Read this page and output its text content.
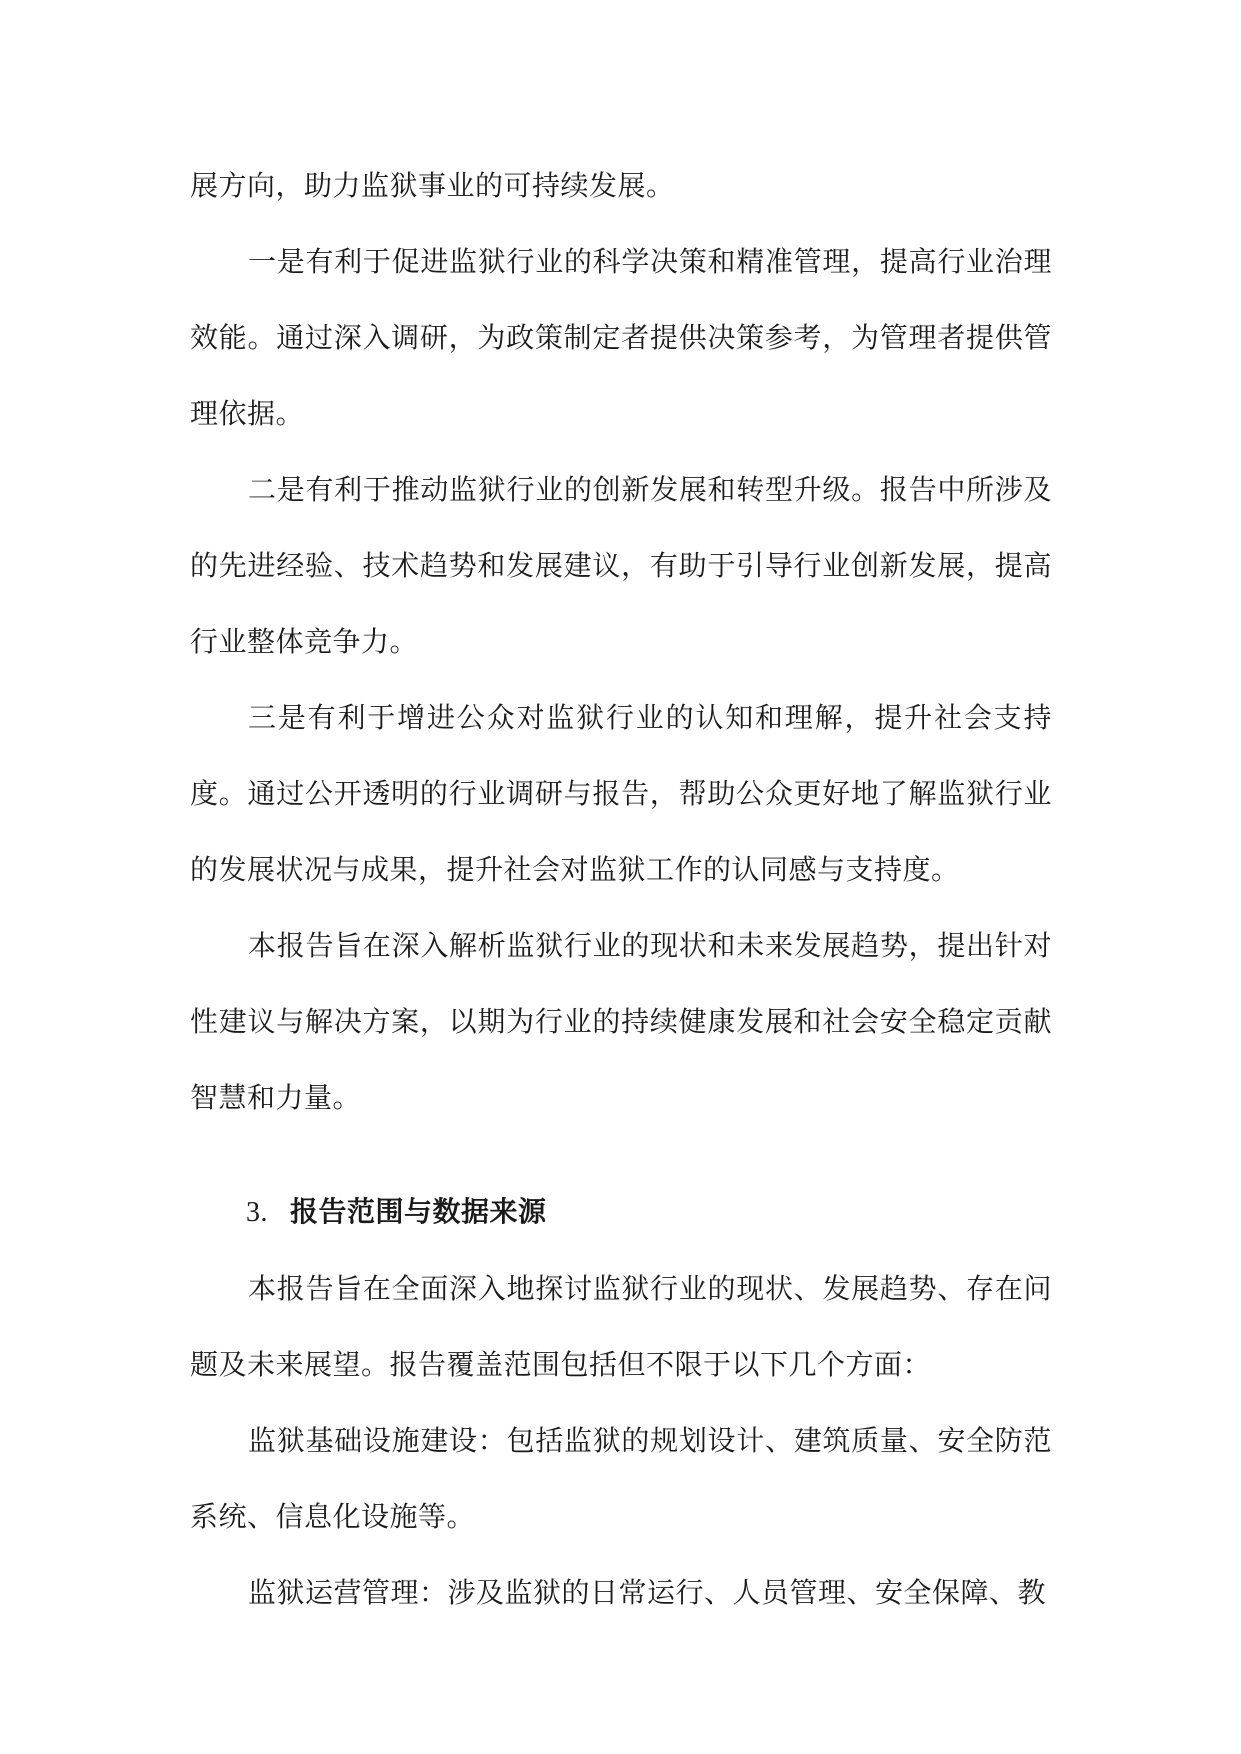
展方向，助力监狱事业的可持续发展。

一是有利于促进监狱行业的科学决策和精准管理，提高行业治理效能。通过深入调研，为政策制定者提供决策参考，为管理者提供管理依据。

二是有利于推动监狱行业的创新发展和转型升级。报告中所涉及的先进经验、技术趋势和发展建议，有助于引导行业创新发展，提高行业整体竞争力。

三是有利于增进公众对监狱行业的认知和理解，提升社会支持度。通过公开透明的行业调研与报告，帮助公众更好地了解监狱行业的发展状况与成果，提升社会对监狱工作的认同感与支持度。

本报告旨在深入解析监狱行业的现状和未来发展趋势，提出针对性建议与解决方案，以期为行业的持续健康发展和社会安全稳定贡献智慧和力量。

3. 报告范围与数据来源

本报告旨在全面深入地探讨监狱行业的现状、发展趋势、存在问题及未来展望。报告覆盖范围包括但不限于以下几个方面：

监狱基础设施建设：包括监狱的规划设计、建筑质量、安全防范系统、信息化设施等。

监狱运营管理：涉及监狱的日常运行、人员管理、安全保障、教
